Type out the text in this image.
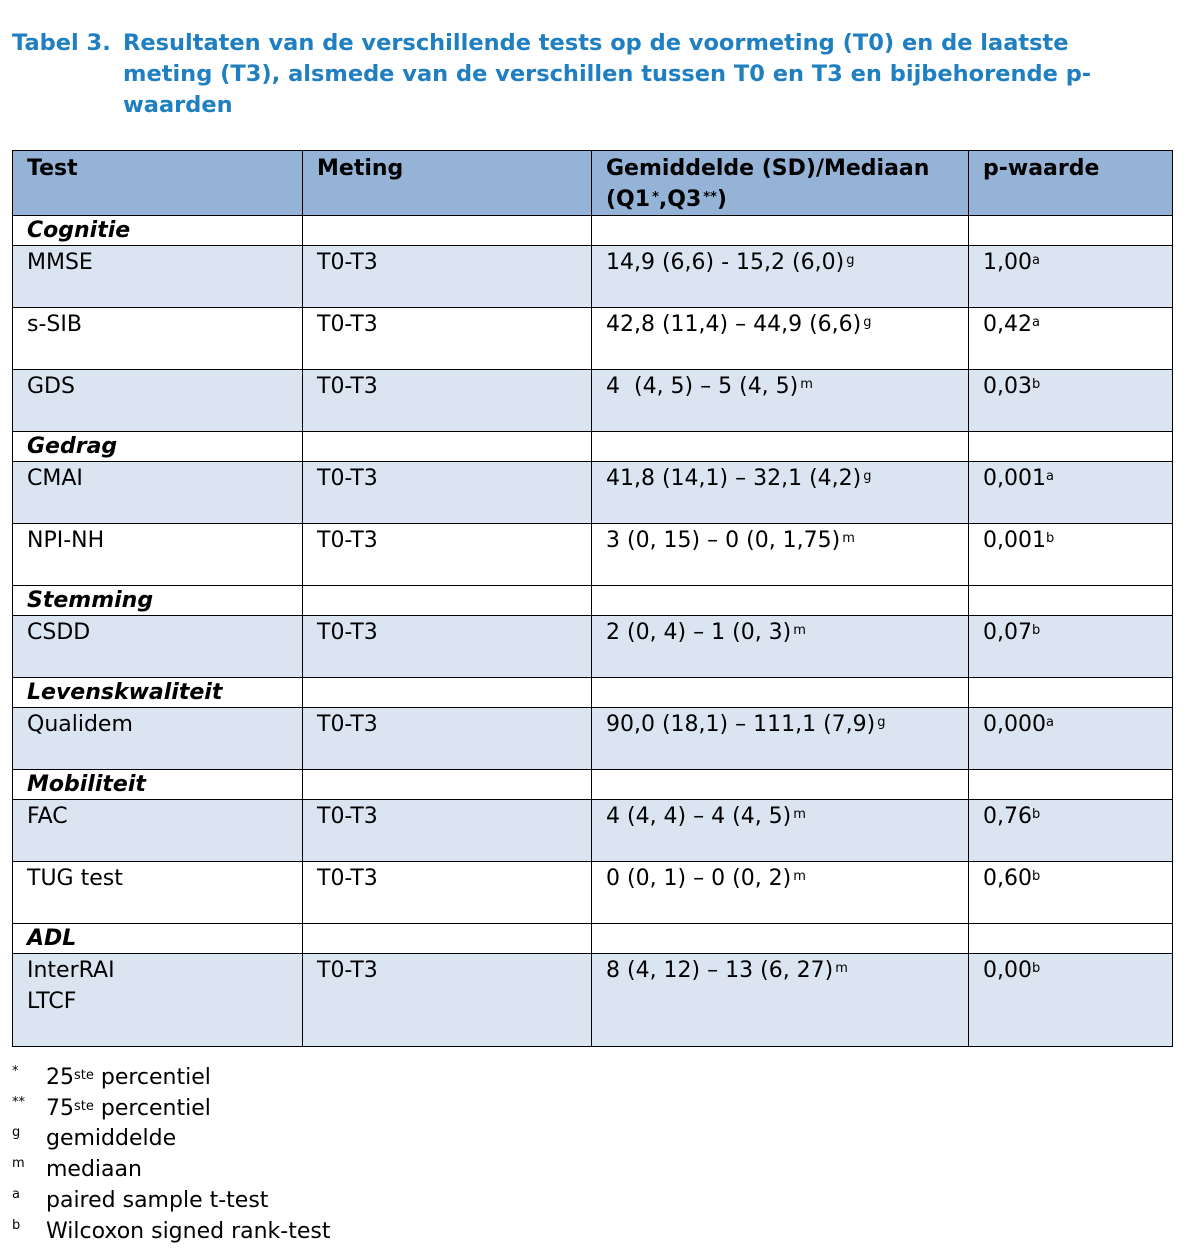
Tabel 3. Resultaten van de verschillende tests op de voormeting (T0) en de laatste meting (T3), alsmede van de verschillen tussen T0 en T3 en bijbehorende p-waarden
Test	Meting	Gemiddelde (SD)/Mediaan (Q1 *,Q3 **)	p-waarde
Cognitie			
MMSE	T0-T3	14,9 (6,6) - 15,2 (6,0) $^g$	1,00$^a$
s-SIB	T0-T3	42,8 (11,4) – 44,9 (6,6) $^g$	0,42$^a$
GDS	T0-T3	4  (4, 5) – 5 (4, 5) $^m$	0,03$^b$
Gedrag			
CMAI	T0-T3	41,8 (14,1) – 32,1 (4,2) $^g$	0,001$^a$
NPI-NH	T0-T3	3 (0, 15) – 0 (0, 1,75) $^m$	0,001$^b$
Stemming			
CSDD	T0-T3	2 (0, 4) – 1 (0, 3) $^m$	0,07$^b$
Levenskwaliteit			
Qualidem	T0-T3	90,0 (18,1) – 111,1 (7,9) $^g$	0,000$^a$
Mobiliteit			
FAC	T0-T3	4 (4, 4) – 4 (4, 5) $^m$	0,76$^b$
TUG test	T0-T3	0 (0, 1) – 0 (0, 2) $^m$	0,60$^b$
ADL			
InterRAI
LTCF	T0-T3	8 (4, 12) – 13 (6, 27) $^m$	0,00$^b$
*	25ste percentiel
** 75ste percentiel
g	gemiddelde
m mediaan
a	paired sample t-test
b	Wilcoxon signed rank-test
